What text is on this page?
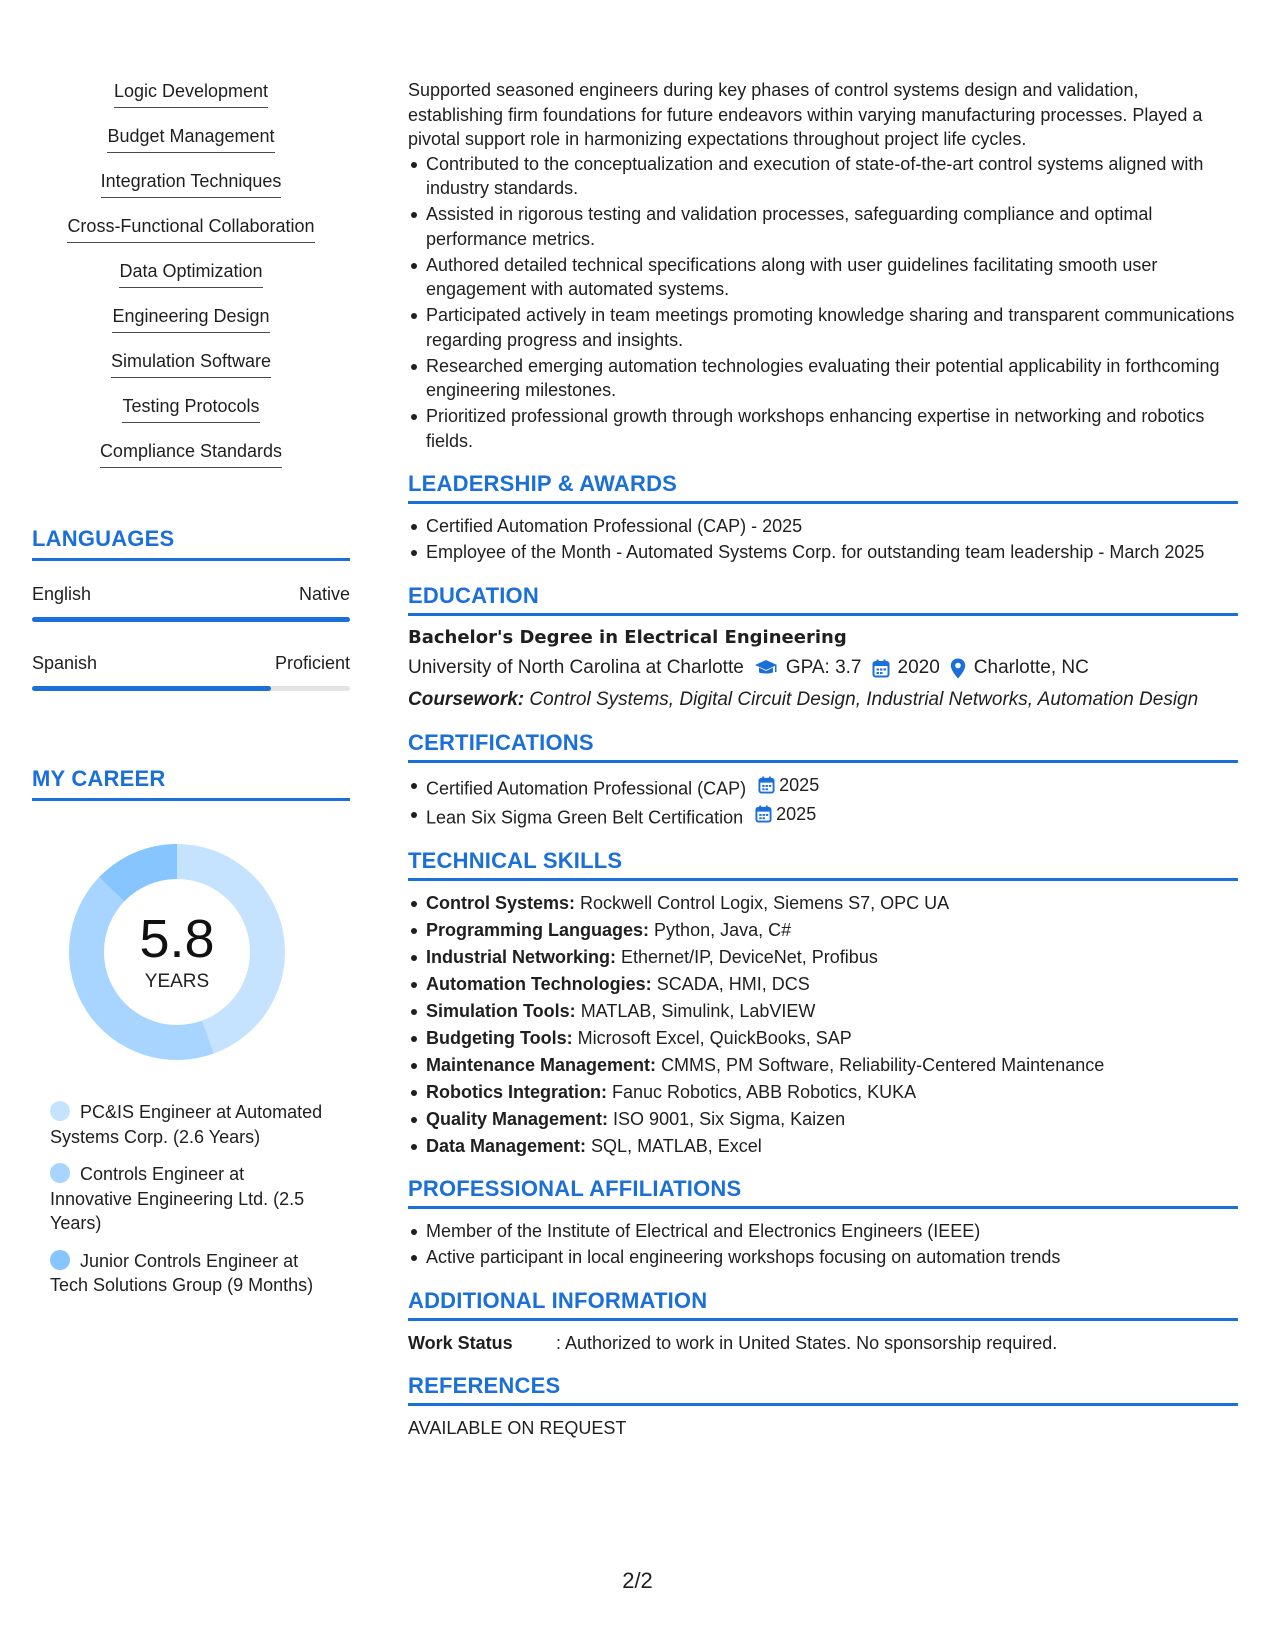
Logic Development
Budget Management
Integration Techniques
Cross-Functional Collaboration
Data Optimization
Engineering Design
Simulation Software
Testing Protocols
Compliance Standards
LANGUAGES
English	Native
Spanish	Proficient
MY CAREER
5.8
YEARS
PC&IS Engineer at Automated Systems Corp. (2.6 Years)
Controls Engineer at Innovative Engineering Ltd. (2.5 Years)
Junior Controls Engineer at Tech Solutions Group (9 Months)

Supported seasoned engineers during key phases of control systems design and validation, establishing firm foundations for future endeavors within varying manufacturing processes. Played a pivotal support role in harmonizing expectations throughout project life cycles.

Contributed to the conceptualization and execution of state-of-the-art control systems aligned with industry standards.
Assisted in rigorous testing and validation processes, safeguarding compliance and optimal performance metrics.
Authored detailed technical specifications along with user guidelines facilitating smooth user engagement with automated systems.
Participated actively in team meetings promoting knowledge sharing and transparent communications regarding progress and insights.
Researched emerging automation technologies evaluating their potential applicability in forthcoming engineering milestones.
Prioritized professional growth through workshops enhancing expertise in networking and robotics fields.
LEADERSHIP & AWARDS
Certified Automation Professional (CAP) - 2025
Employee of the Month - Automated Systems Corp. for outstanding team leadership - March 2025
EDUCATION
Bachelor's Degree in Electrical Engineering
University of North Carolina at Charlotte GPA: 3.7 2020 Charlotte, NC
Coursework: Control Systems, Digital Circuit Design, Industrial Networks, Automation Design
CERTIFICATIONS
Certified Automation Professional (CAP) 2025
Lean Six Sigma Green Belt Certification 2025
TECHNICAL SKILLS
Control Systems: Rockwell Control Logix, Siemens S7, OPC UA
Programming Languages: Python, Java, C#
Industrial Networking: Ethernet/IP, DeviceNet, Profibus
Automation Technologies: SCADA, HMI, DCS
Simulation Tools: MATLAB, Simulink, LabVIEW
Budgeting Tools: Microsoft Excel, QuickBooks, SAP
Maintenance Management: CMMS, PM Software, Reliability-Centered Maintenance
Robotics Integration: Fanuc Robotics, ABB Robotics, KUKA
Quality Management: ISO 9001, Six Sigma, Kaizen
Data Management: SQL, MATLAB, Excel
PROFESSIONAL AFFILIATIONS
Member of the Institute of Electrical and Electronics Engineers (IEEE)
Active participant in local engineering workshops focusing on automation trends
ADDITIONAL INFORMATION
Work Status	: Authorized to work in United States. No sponsorship required.
REFERENCES
AVAILABLE ON REQUEST
2/2
